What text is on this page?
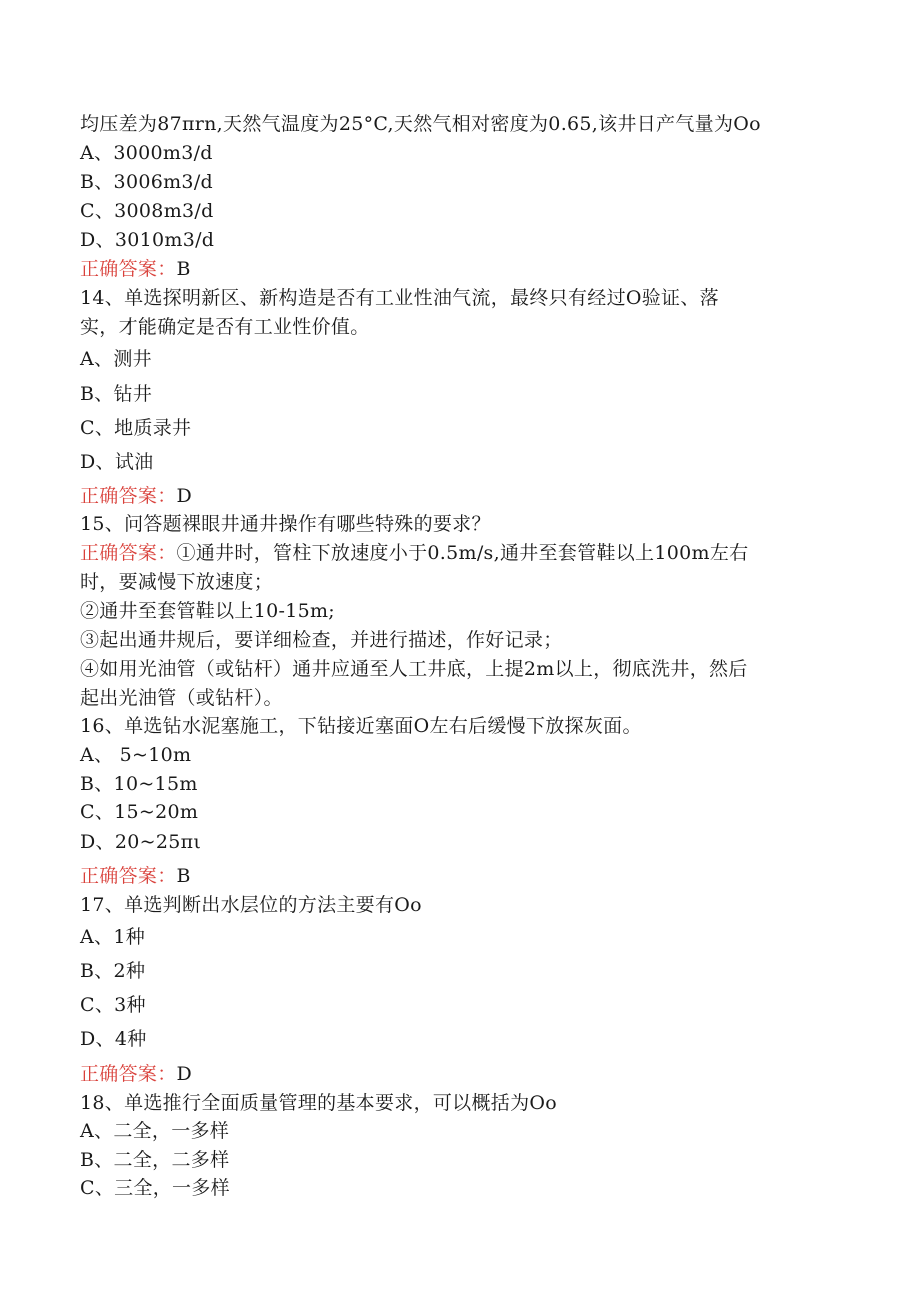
均压差为87πrn,天然气温度为25°C,天然气相对密度为0.65,该井日产气量为Oo
A、3000m3/d
B、3006m3/d
C、3008m3/d
D、3010m3∕d
正确答案：B
14、单选探明新区、新构造是否有工业性油气流，最终只有经过O验证、落
实，才能确定是否有工业性价值。
A、测井
B、钻井
C、地质录井
D、试油
正确答案：D
15、问答题裸眼井通井操作有哪些特殊的要求？
正确答案：①通井时，管柱下放速度小于0.5m/s,通井至套管鞋以上100m左右
时，要减慢下放速度；
②通井至套管鞋以上10-15m;
③起出通井规后，要详细检查，并进行描述，作好记录；
④如用光油管（或钻杆）通井应通至人工井底，上提2m以上，彻底洗井，然后
起出光油管（或钻杆）。
16、单选钻水泥塞施工，下钻接近塞面O左右后缓慢下放探灰面。
A、 5~10m
B、10~15m
C、15~20m
D、20~25πι
正确答案：B
17、单选判断出水层位的方法主要有Oo
A、1种
B、2种
C、3种
D、4种
正确答案：D
18、单选推行全面质量管理的基本要求，可以概括为Oo
A、二全，一多样
B、二全，二多样
C、三全，一多样
